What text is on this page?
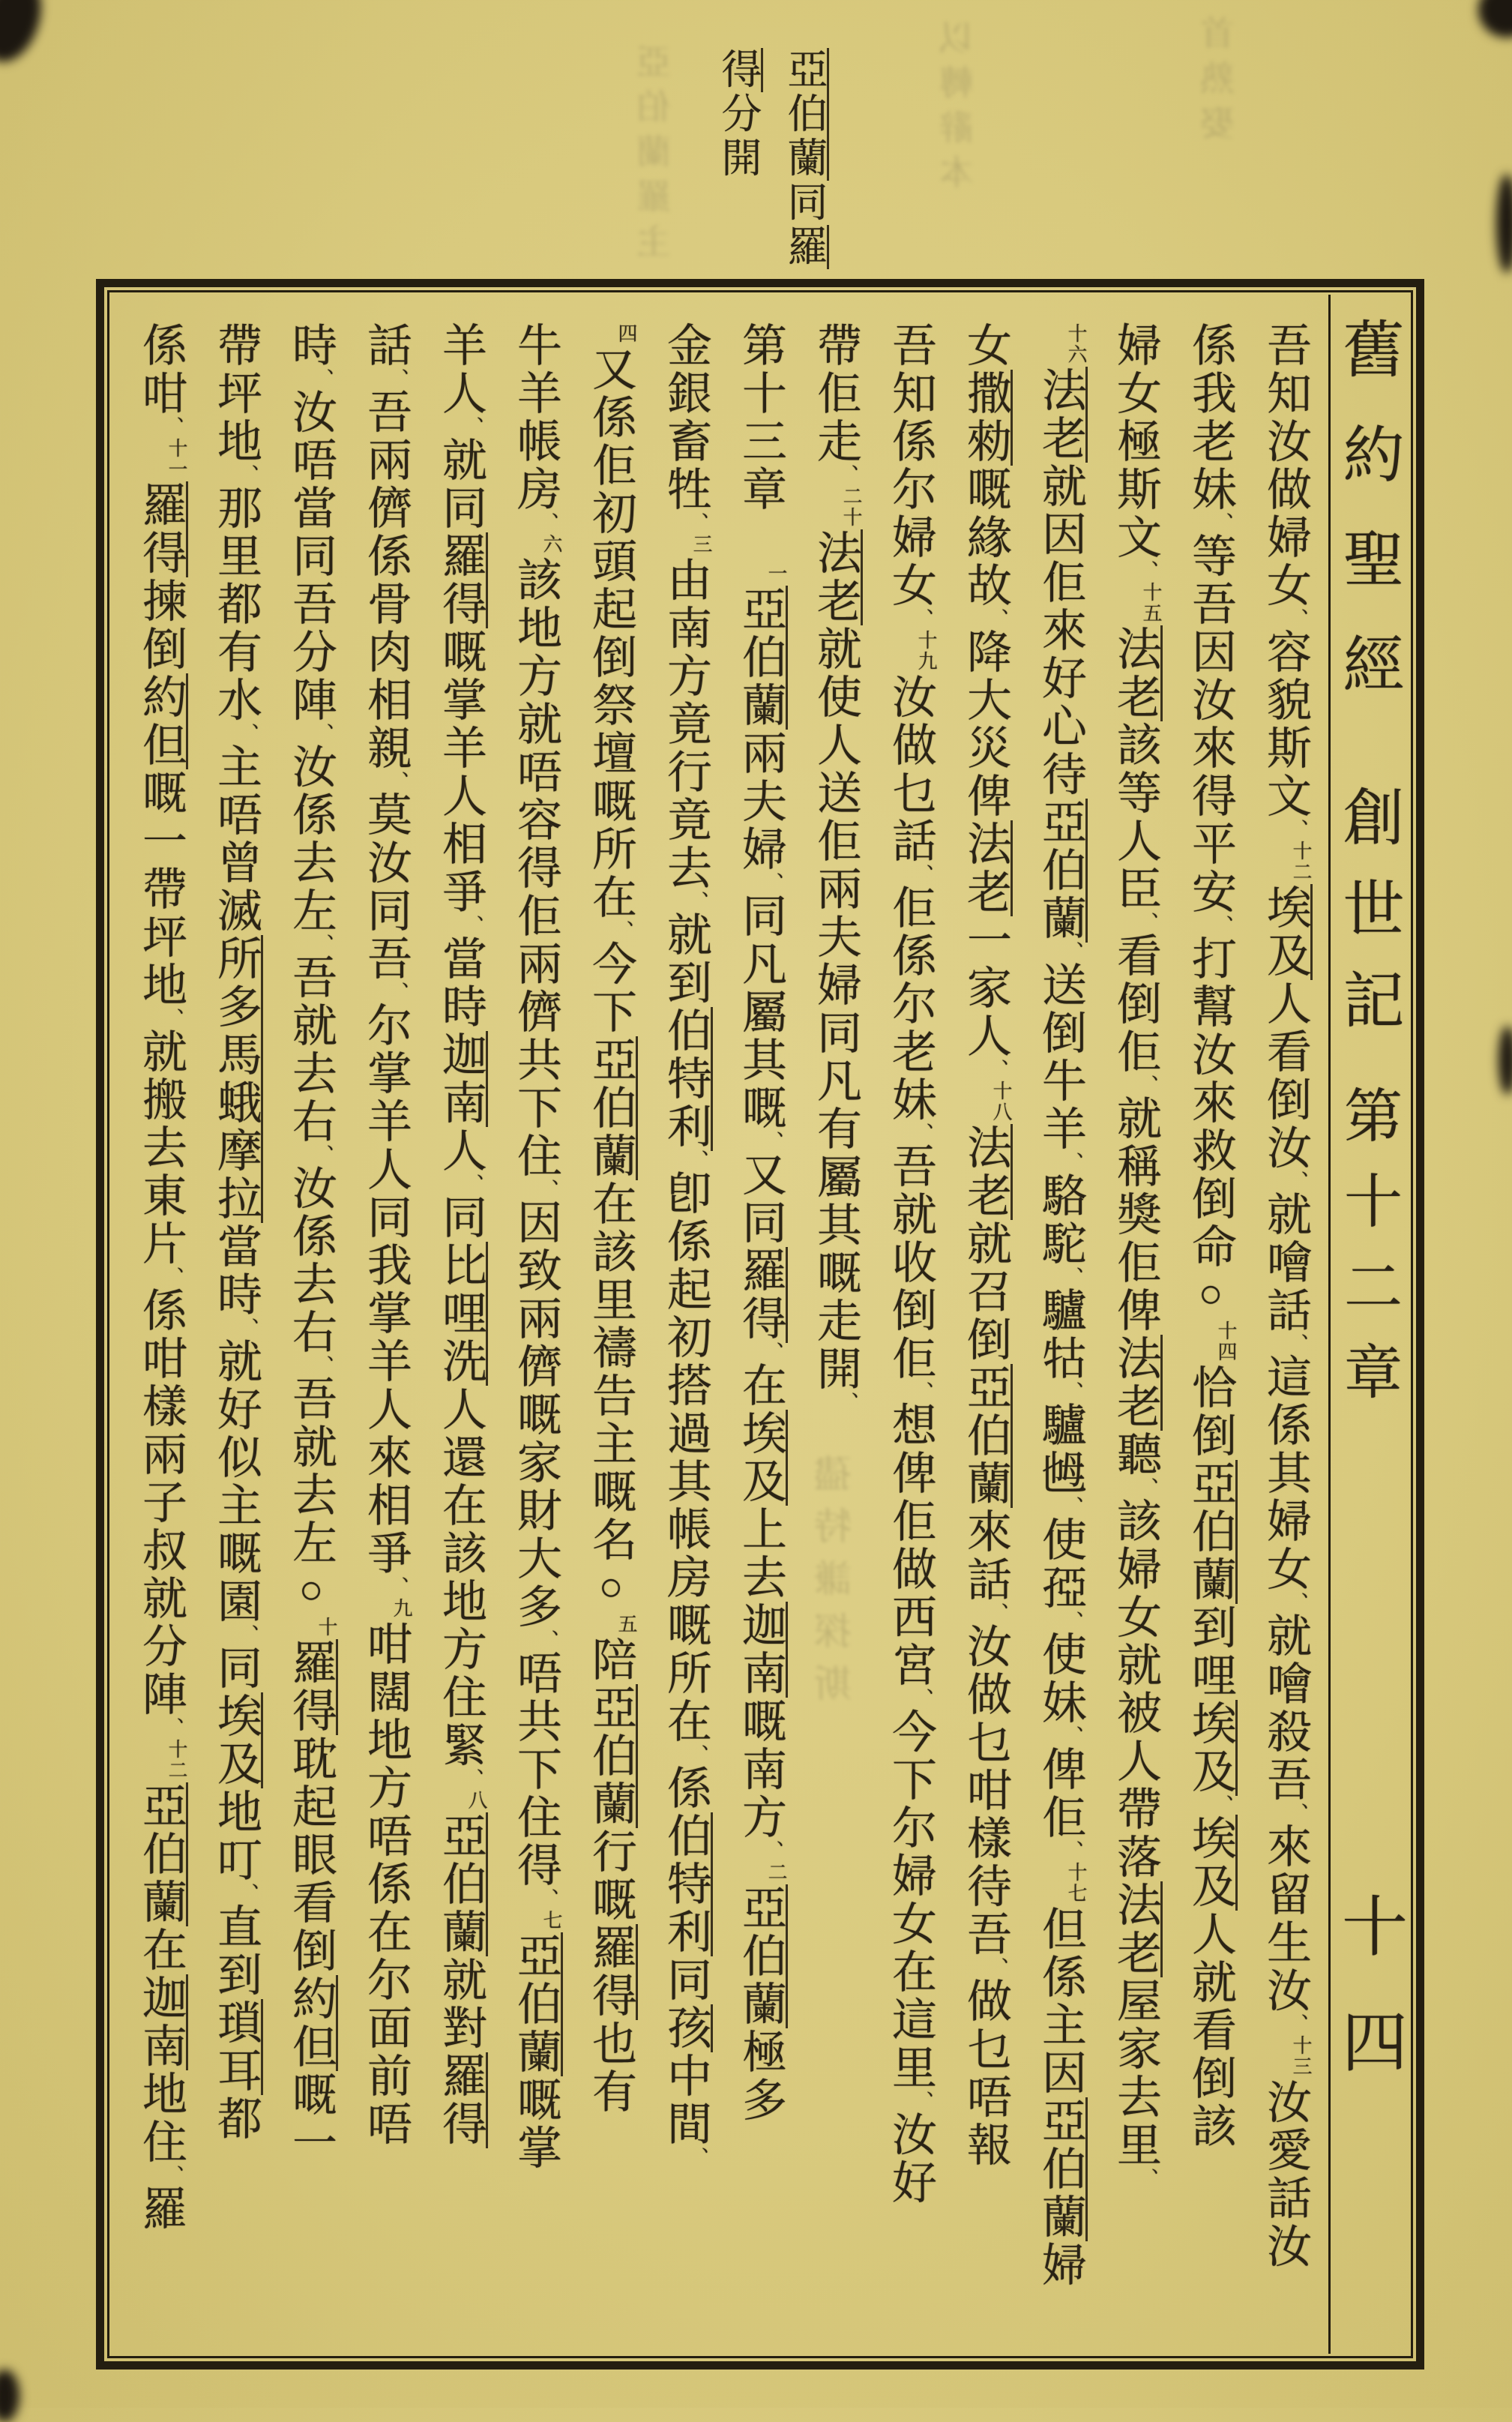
亞伯蘭同羅
得分開
亞伯蘭羅主	以轉辭本	首熟娶
吾知汝做婦女、容貌斯文、十二埃及人看倒汝、就噲話、這係其婦女、就噲殺吾、來留生汝、十三汝愛話汝
係我老妹、等吾因汝來得平安、打幫汝來救倒命○十四恰倒亞伯蘭到哩埃及、埃及人就看倒該
婦女極斯文、十五法老該等人臣、看倒佢、就稱獎佢俾法老聽、該婦女就被人帶落法老屋家去里、
十六法老就因佢來好心待亞伯蘭、送倒牛羊、駱駝、驢牯、驢乸、使孲、使妹、俾佢、十七但係主因亞伯蘭婦
女撒勑嘅緣故、降大災俾法老一家人、十八法老就召倒亞伯蘭來話、汝做乜咁樣待吾、做乜唔報
吾知係尔婦女、十九汝做乜話、佢係尔老妹、吾就收倒佢、想俾佢做西宮、今下尔婦女在這里、汝好
帶佢走、二十法老就使人送佢兩夫婦同凡有屬其嘅走開、孻特謙探斯
第十三章一亞伯蘭兩夫婦、同凡屬其嘅、又同羅得、在埃及上去迦南嘅南方、二亞伯蘭極多
金銀畜牲、三由南方竟行竟去、就到伯特利、卽係起初搭過其帳房嘅所在、係伯特利同孩中間、
四又係佢初頭起倒祭壇嘅所在、今下亞伯蘭在該里禱告主嘅名○五陪亞伯蘭行嘅羅得也有
牛羊帳房、六該地方就唔容得佢兩儕共下住、因致兩儕嘅家財大多、唔共下住得、七亞伯蘭嘅掌
羊人、就同羅得嘅掌羊人相爭、當時迦南人、同比哩洗人還在該地方住緊、八亞伯蘭就對羅得
話、吾兩儕係骨肉相親、莫汝同吾、尔掌羊人同我掌羊人來相爭、九咁闊地方唔係在尔面前唔
時、汝唔當同吾分陣、汝係去左、吾就去右、汝係去右、吾就去左○十羅得耽起眼看倒約但嘅一
帶坪地、那里都有水、主唔曾滅所多馬蛾摩拉當時、就好似主嘅園、同埃及地叮、直到瑣耳都
係咁、十一羅得揀倒約但嘅一帶坪地、就搬去東片、係咁樣兩子叔就分陣、十二亞伯蘭在迦南地住、羅
舊約聖經創世記第十二章十四
